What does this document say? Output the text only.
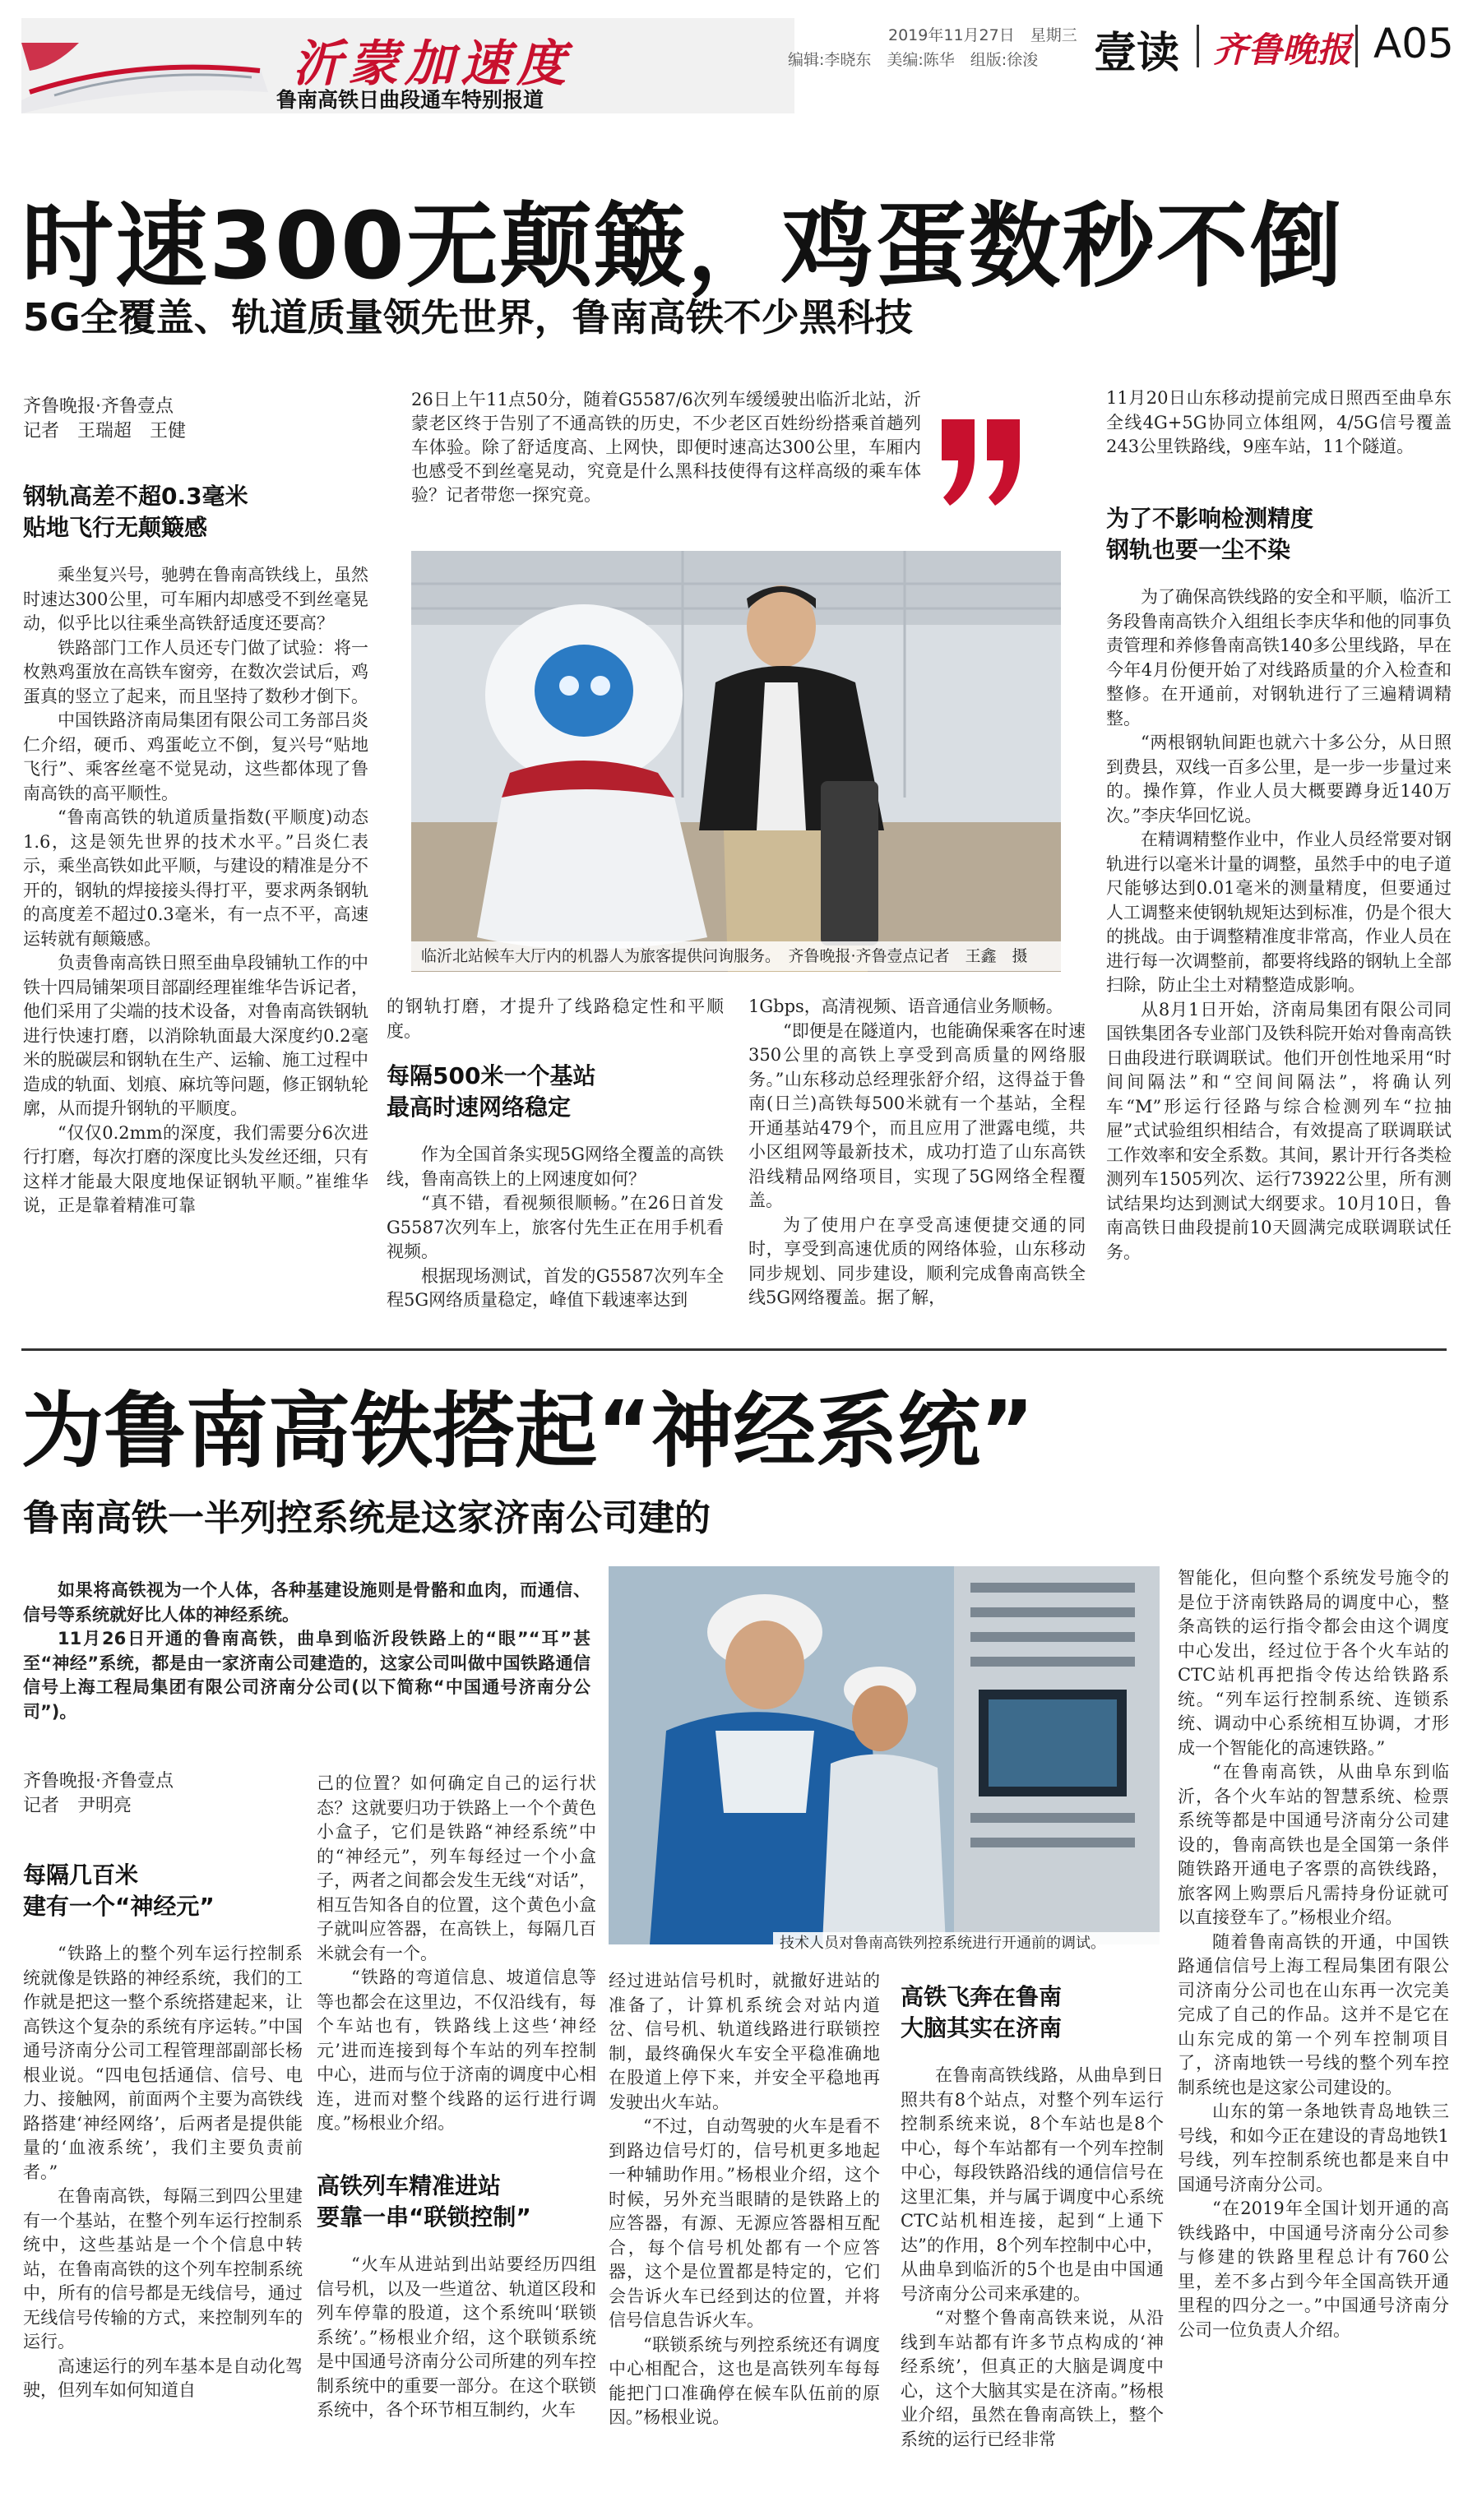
沂蒙加速度
鲁南高铁日曲段通车特别报道
2019年11月27日　星期三
编辑:李晓东　美编:陈华　组版:徐浚 壹读 齐鲁晚报 A05
时速300无颠簸，鸡蛋数秒不倒
5G全覆盖、轨道质量领先世界，鲁南高铁不少黑科技
齐鲁晚报·齐鲁壹点
记者　王瑞超　王健
钢轨高差不超0.3毫米
贴地飞行无颠簸感

乘坐复兴号，驰骋在鲁南高铁线上，虽然时速达300公里，可车厢内却感受不到丝毫晃动，似乎比以往乘坐高铁舒适度还要高？

铁路部门工作人员还专门做了试验：将一枚熟鸡蛋放在高铁车窗旁，在数次尝试后，鸡蛋真的竖立了起来，而且坚持了数秒才倒下。

中国铁路济南局集团有限公司工务部吕炎仁介绍，硬币、鸡蛋屹立不倒，复兴号“贴地飞行”、乘客丝毫不觉晃动，这些都体现了鲁南高铁的高平顺性。

“鲁南高铁的轨道质量指数(平顺度)动态1.6，这是领先世界的技术水平。”吕炎仁表示，乘坐高铁如此平顺，与建设的精准是分不开的，钢轨的焊接接头得打平，要求两条钢轨的高度差不超过0.3毫米，有一点不平，高速运转就有颠簸感。

负责鲁南高铁日照至曲阜段铺轨工作的中铁十四局铺架项目部副经理崔维华告诉记者，他们采用了尖端的技术设备，对鲁南高铁钢轨进行快速打磨，以消除轨面最大深度约0.2毫米的脱碳层和钢轨在生产、运输、施工过程中造成的轨面、划痕、麻坑等问题，修正钢轨轮廓，从而提升钢轨的平顺度。

“仅仅0.2mm的深度，我们需要分6次进行打磨，每次打磨的深度比头发丝还细，只有这样才能最大限度地保证钢轨平顺。”崔维华说，正是靠着精准可靠

26日上午11点50分，随着G5587/6次列车缓缓驶出临沂北站，沂蒙老区终于告别了不通高铁的历史，不少老区百姓纷纷搭乘首趟列车体验。除了舒适度高、上网快，即便时速高达300公里，车厢内也感受不到丝毫晃动，究竟是什么黑科技使得有这样高级的乘车体验？记者带您一探究竟。
临沂北站候车大厅内的机器人为旅客提供问询服务。　齐鲁晚报·齐鲁壹点记者　王鑫　摄

的钢轨打磨，才提升了线路稳定性和平顺度。

每隔500米一个基站
最高时速网络稳定

作为全国首条实现5G网络全覆盖的高铁线，鲁南高铁上的上网速度如何？

“真不错，看视频很顺畅。”在26日首发G5587次列车上，旅客付先生正在用手机看视频。

根据现场测试，首发的G5587次列车全程5G网络质量稳定，峰值下载速率达到

1Gbps，高清视频、语音通信业务顺畅。

“即便是在隧道内，也能确保乘客在时速350公里的高铁上享受到高质量的网络服务。”山东移动总经理张舒介绍，这得益于鲁南(日兰)高铁每500米就有一个基站，全程开通基站479个，而且应用了泄露电缆，共小区组网等最新技术，成功打造了山东高铁沿线精品网络项目，实现了5G网络全程覆盖。

为了使用户在享受高速便捷交通的同时，享受到高速优质的网络体验，山东移动同步规划、同步建设，顺利完成鲁南高铁全线5G网络覆盖。据了解，

11月20日山东移动提前完成日照西至曲阜东全线4G+5G协同立体组网，4/5G信号覆盖243公里铁路线，9座车站，11个隧道。

为了不影响检测精度
钢轨也要一尘不染

为了确保高铁线路的安全和平顺，临沂工务段鲁南高铁介入组组长李庆华和他的同事负责管理和养修鲁南高铁140多公里线路，早在今年4月份便开始了对线路质量的介入检查和整修。在开通前，对钢轨进行了三遍精调精整。

“两根钢轨间距也就六十多公分，从日照到费县，双线一百多公里，是一步一步量过来的。操作算，作业人员大概要蹲身近140万次。”李庆华回忆说。

在精调精整作业中，作业人员经常要对钢轨进行以毫米计量的调整，虽然手中的电子道尺能够达到0.01毫米的测量精度，但要通过人工调整来使钢轨规矩达到标准，仍是个很大的挑战。由于调整精准度非常高，作业人员在进行每一次调整前，都要将线路的钢轨上全部扫除，防止尘土对精整造成影响。

从8月1日开始，济南局集团有限公司同国铁集团各专业部门及铁科院开始对鲁南高铁日曲段进行联调联试。他们开创性地采用“时间间隔法”和“空间间隔法”，将确认列车“M”形运行径路与综合检测列车“拉抽屉”式试验组织相结合，有效提高了联调联试工作效率和安全系数。其间，累计开行各类检测列车1505列次、运行73922公里，所有测试结果均达到测试大纲要求。10月10日，鲁南高铁日曲段提前10天圆满完成联调联试任务。

为鲁南高铁搭起“神经系统”
鲁南高铁一半列控系统是这家济南公司建的

如果将高铁视为一个人体，各种基建设施则是骨骼和血肉，而通信、信号等系统就好比人体的神经系统。

11月26日开通的鲁南高铁，曲阜到临沂段铁路上的“眼”“耳”甚至“神经”系统，都是由一家济南公司建造的，这家公司叫做中国铁路通信信号上海工程局集团有限公司济南分公司(以下简称“中国通号济南分公司”)。

齐鲁晚报·齐鲁壹点
记者　尹明亮
每隔几百米
建有一个“神经元”

“铁路上的整个列车运行控制系统就像是铁路的神经系统，我们的工作就是把这一整个系统搭建起来，让高铁这个复杂的系统有序运转。”中国通号济南分公司工程管理部副部长杨根业说。“四电包括通信、信号、电力、接触网，前面两个主要为高铁线路搭建‘神经网络’，后两者是提供能量的‘血液系统’，我们主要负责前者。”

在鲁南高铁，每隔三到四公里建有一个基站，在整个列车运行控制系统中，这些基站是一个个信息中转站，在鲁南高铁的这个列车控制系统中，所有的信号都是无线信号，通过无线信号传输的方式，来控制列车的运行。

高速运行的列车基本是自动化驾驶，但列车如何知道自

己的位置？如何确定自己的运行状态？这就要归功于铁路上一个个黄色小盒子，它们是铁路“神经系统”中的“神经元”，列车每经过一个小盒子，两者之间都会发生无线“对话”，相互告知各自的位置，这个黄色小盒子就叫应答器，在高铁上，每隔几百米就会有一个。

“铁路的弯道信息、坡道信息等等也都会在这里边，不仅沿线有，每个车站也有，铁路线上这些‘神经元’进而连接到每个车站的列车控制中心，进而与位于济南的调度中心相连，进而对整个线路的运行进行调度。”杨根业介绍。

高铁列车精准进站
要靠一串“联锁控制”

“火车从进站到出站要经历四组信号机，以及一些道岔、轨道区段和列车停靠的股道，这个系统叫‘联锁系统’。”杨根业介绍，这个联锁系统是中国通号济南分公司所建的列车控制系统中的重要一部分。在这个联锁系统中，各个环节相互制约，火车

技术人员对鲁南高铁列控系统进行开通前的调试。

经过进站信号机时，就撤好进站的准备了，计算机系统会对站内道岔、信号机、轨道线路进行联锁控制，最终确保火车安全平稳准确地在股道上停下来，并安全平稳地再发驶出火车站。

“不过，自动驾驶的火车是看不到路边信号灯的，信号机更多地起一种辅助作用。”杨根业介绍，这个时候，另外充当眼睛的是铁路上的应答器，有源、无源应答器相互配合，每个信号机处都有一个应答器，这个是位置都是特定的，它们会告诉火车已经到达的位置，并将信号信息告诉火车。

“联锁系统与列控系统还有调度中心相配合，这也是高铁列车每每能把门口准确停在候车队伍前的原因。”杨根业说。

高铁飞奔在鲁南
大脑其实在济南

在鲁南高铁线路，从曲阜到日照共有8个站点，对整个列车运行控制系统来说，8个车站也是8个中心，每个车站都有一个列车控制中心，每段铁路沿线的通信信号在这里汇集，并与属于调度中心系统CTC站机相连接，起到“上通下达”的作用，8个列车控制中心中，从曲阜到临沂的5个也是由中国通号济南分公司来承建的。

“对整个鲁南高铁来说，从沿线到车站都有许多节点构成的‘神经系统’，但真正的大脑是调度中心，这个大脑其实是在济南。”杨根业介绍，虽然在鲁南高铁上，整个系统的运行已经非常

智能化，但向整个系统发号施令的是位于济南铁路局的调度中心，整条高铁的运行指令都会由这个调度中心发出，经过位于各个火车站的CTC站机再把指令传达给铁路系统。“列车运行控制系统、连锁系统、调动中心系统相互协调，才形成一个智能化的高速铁路。”

“在鲁南高铁，从曲阜东到临沂，各个火车站的智慧系统、检票系统等都是中国通号济南分公司建设的，鲁南高铁也是全国第一条伴随铁路开通电子客票的高铁线路，旅客网上购票后凡需持身份证就可以直接登车了。”杨根业介绍。

随着鲁南高铁的开通，中国铁路通信信号上海工程局集团有限公司济南分公司也在山东再一次完美完成了自己的作品。这并不是它在山东完成的第一个列车控制项目了，济南地铁一号线的整个列车控制系统也是这家公司建设的。

山东的第一条地铁青岛地铁三号线，和如今正在建设的青岛地铁1号线，列车控制系统也都是来自中国通号济南分公司。

“在2019年全国计划开通的高铁线路中，中国通号济南分公司参与修建的铁路里程总计有760公里，差不多占到今年全国高铁开通里程的四分之一。”中国通号济南分公司一位负责人介绍。
